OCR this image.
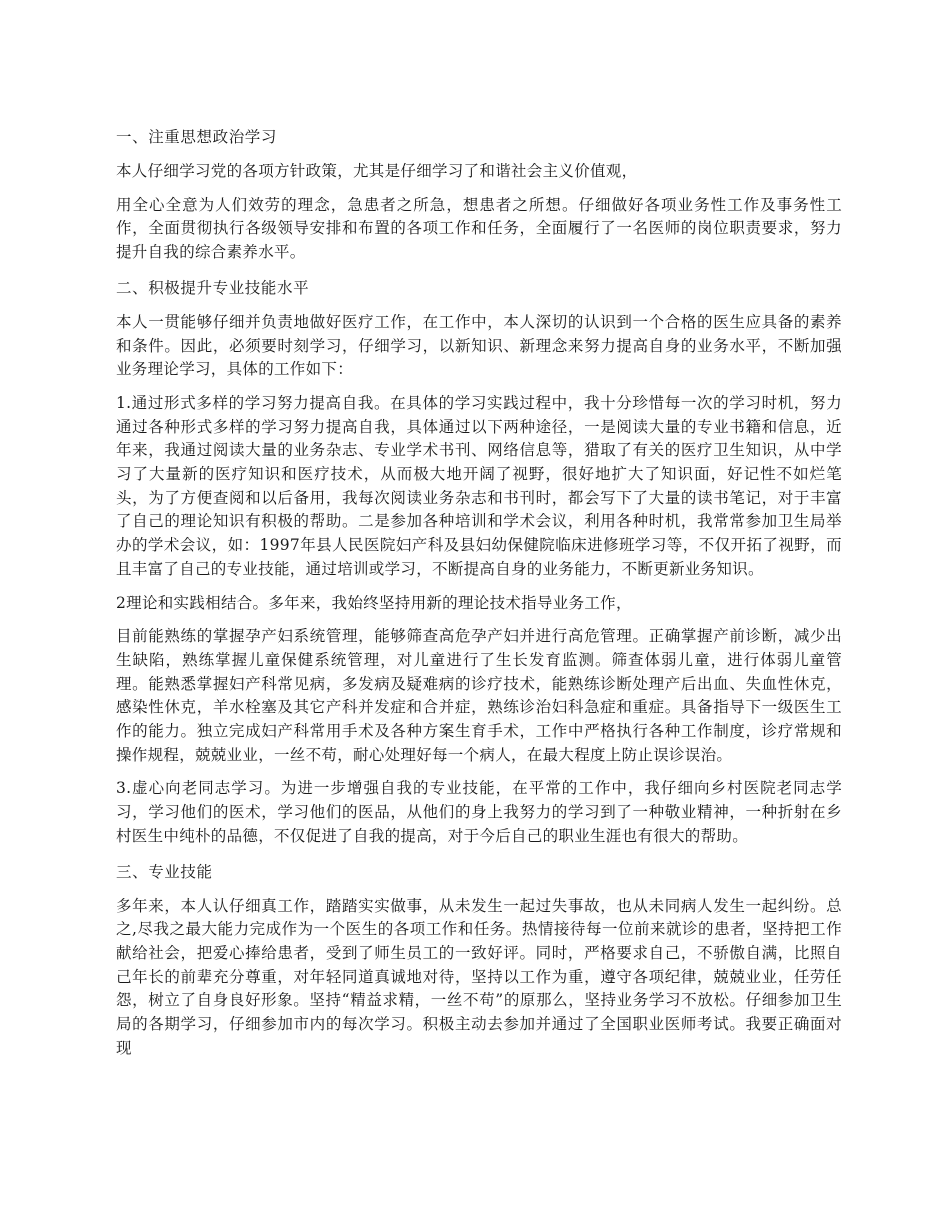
一、注重思想政治学习

本人仔细学习党的各项方针政策，尤其是仔细学习了和谐社会主义价值观，

用全心全意为人们效劳的理念，急患者之所急，想患者之所想。仔细做好各项业务性工作及事务性工作，全面贯彻执行各级领导安排和布置的各项工作和任务，全面履行了一名医师的岗位职责要求，努力提升自我的综合素养水平。

二、积极提升专业技能水平

本人一贯能够仔细并负责地做好医疗工作，在工作中，本人深切的认识到一个合格的医生应具备的素养和条件。因此，必须要时刻学习，仔细学习，以新知识、新理念来努力提高自身的业务水平，不断加强业务理论学习，具体的工作如下：

1.通过形式多样的学习努力提高自我。在具体的学习实践过程中，我十分珍惜每一次的学习时机，努力通过各种形式多样的学习努力提高自我，具体通过以下两种途径，一是阅读大量的专业书籍和信息，近年来，我通过阅读大量的业务杂志、专业学术书刊、网络信息等，猎取了有关的医疗卫生知识，从中学习了大量新的医疗知识和医疗技术，从而极大地开阔了视野，很好地扩大了知识面，好记性不如烂笔头，为了方便查阅和以后备用，我每次阅读业务杂志和书刊时，都会写下了大量的读书笔记，对于丰富了自己的理论知识有积极的帮助。二是参加各种培训和学术会议，利用各种时机，我常常参加卫生局举办的学术会议，如：1997年县人民医院妇产科及县妇幼保健院临床进修班学习等，不仅开拓了视野，而且丰富了自己的专业技能，通过培训或学习，不断提高自身的业务能力，不断更新业务知识。

2理论和实践相结合。多年来，我始终坚持用新的理论技术指导业务工作，

目前能熟练的掌握孕产妇系统管理，能够筛查高危孕产妇并进行高危管理。正确掌握产前诊断，减少出生缺陷，熟练掌握儿童保健系统管理，对儿童进行了生长发育监测。筛查体弱儿童，进行体弱儿童管理。能熟悉掌握妇产科常见病，多发病及疑难病的诊疗技术，能熟练诊断处理产后出血、失血性休克，感染性休克，羊水栓塞及其它产科并发症和合并症，熟练诊治妇科急症和重症。具备指导下一级医生工作的能力。独立完成妇产科常用手术及各种方案生育手术，工作中严格执行各种工作制度，诊疗常规和操作规程，兢兢业业，一丝不苟，耐心处理好每一个病人，在最大程度上防止误诊误治。

3.虚心向老同志学习。为进一步增强自我的专业技能，在平常的工作中，我仔细向乡村医院老同志学习，学习他们的医术，学习他们的医品，从他们的身上我努力的学习到了一种敬业精神，一种折射在乡村医生中纯朴的品德，不仅促进了自我的提高，对于今后自己的职业生涯也有很大的帮助。

三、专业技能

多年来，本人认仔细真工作，踏踏实实做事，从未发生一起过失事故，也从未同病人发生一起纠纷。总之,尽我之最大能力完成作为一个医生的各项工作和任务。热情接待每一位前来就诊的患者，坚持把工作献给社会，把爱心捧给患者，受到了师生员工的一致好评。同时，严格要求自己，不骄傲自满，比照自己年长的前辈充分尊重，对年轻同道真诚地对待，坚持以工作为重，遵守各项纪律，兢兢业业，任劳任怨，树立了自身良好形象。坚持“精益求精，一丝不苟”的原那么，坚持业务学习不放松。仔细参加卫生局的各期学习，仔细参加市内的每次学习。积极主动去参加并通过了全国职业医师考试。我要正确面对现
